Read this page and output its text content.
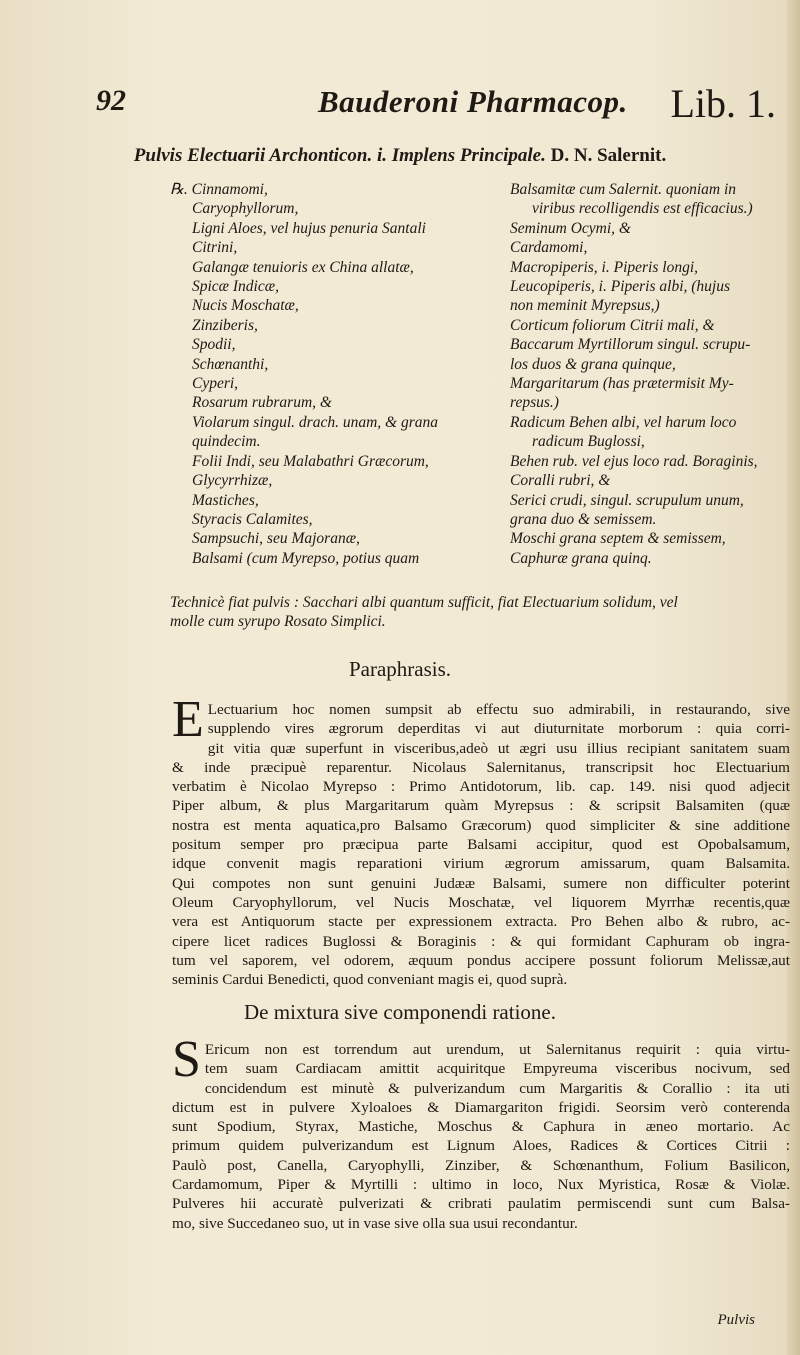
92	Bauderoni Pharmacop. Lib. 1.
Pulvis Electuarii Archonticon. i. Implens Principale. D. N. Salernit.
℞. Cinnamomi,
Caryophyllorum,
Ligni Aloes, vel hujus penuria Santali
Citrini,
Galangæ tenuioris ex China allatæ,
Spicæ Indicæ,
Nucis Moschatæ,
Zinziberis,
Spodii,
Schœnanthi,
Cyperi,
Rosarum rubrarum, &
Violarum singul. drach. unam, & grana
quindecim.
Folii Indi, seu Malabathri Græcorum,
Glycyrrhizæ,
Mastiches,
Styracis Calamites,
Sampsuchi, seu Majoranæ,
Balsami (cum Myrepso, potius quam
Balsamitæ cum Salernit. quoniam in
viribus recolligendis est efficacius.)
Seminum Ocymi, &
Cardamomi,
Macropiperis, i. Piperis longi,
Leucopiperis, i. Piperis albi, (hujus
non meminit Myrepsus,)
Corticum foliorum Citrii mali, &
Baccarum Myrtillorum singul. scrupu-
los duos & grana quinque,
Margaritarum (has prætermisit My-
repsus.)
Radicum Behen albi, vel harum loco
radicum Buglossi,
Behen rub. vel ejus loco rad. Boraginis,
Coralli rubri, &
Serici crudi, singul. scrupulum unum,
grana duo & semissem.
Moschi grana septem & semissem,
Caphuræ grana quinq.
Technicè fiat pulvis : Sacchari albi quantum sufficit, fiat Electuarium solidum, vel
molle cum syrupo Rosato Simplici.
Paraphrasis.
E Lectuarium hoc nomen sumpsit ab effectu suo admirabili, in restaurando, sive
supplendo vires ægrorum deperditas vi aut diuturnitate morborum : quia corri-
git vitia quæ superfunt in visceribus,adeò ut ægri usu illius recipiant sanitatem suam
& inde præcipuè reparentur. Nicolaus Salernitanus, transcripsit hoc Electuarium
verbatim è Nicolao Myrepso : Primo Antidotorum, lib. cap. 149. nisi quod adjecit
Piper album, & plus Margaritarum quàm Myrepsus : & scripsit Balsamiten (quæ
nostra est menta aquatica,pro Balsamo Græcorum) quod simpliciter & sine additione
positum semper pro præcipua parte Balsami accipitur, quod est Opobalsamum,
idque convenit magis reparationi virium ægrorum amissarum, quam Balsamita.
Qui compotes non sunt genuini Judææ Balsami, sumere non difficulter poterint
Oleum Caryophyllorum, vel Nucis Moschatæ, vel liquorem Myrrhæ recentis,quæ
vera est Antiquorum stacte per expressionem extracta. Pro Behen albo & rubro, ac-
cipere licet radices Buglossi & Boraginis : & qui formidant Caphuram ob ingra-
tum vel saporem, vel odorem, æquum pondus accipere possunt foliorum Melissæ,aut
seminis Cardui Benedicti, quod conveniant magis ei, quod suprà.
De mixtura sive componendi ratione.
S Ericum non est torrendum aut urendum, ut Salernitanus requirit : quia virtu-
tem suam Cardiacam amittit acquiritque Empyreuma visceribus nocivum, sed
concidendum est minutè & pulverizandum cum Margaritis & Corallio : ita uti
dictum est in pulvere Xyloaloes & Diamargariton frigidi. Seorsim verò conterenda
sunt Spodium, Styrax, Mastiche, Moschus & Caphura in æneo mortario. Ac
primum quidem pulverizandum est Lignum Aloes, Radices & Cortices Citrii :
Paulò post, Canella, Caryophylli, Zinziber, & Schœnanthum, Folium Basilicon,
Cardamomum, Piper & Myrtilli : ultimo in loco, Nux Myristica, Rosæ & Violæ.
Pulveres hii accuratè pulverizati & cribrati paulatim permiscendi sunt cum Balsa-
mo, sive Succedaneo suo, ut in vase sive olla sua usui recondantur.
Pulvis
